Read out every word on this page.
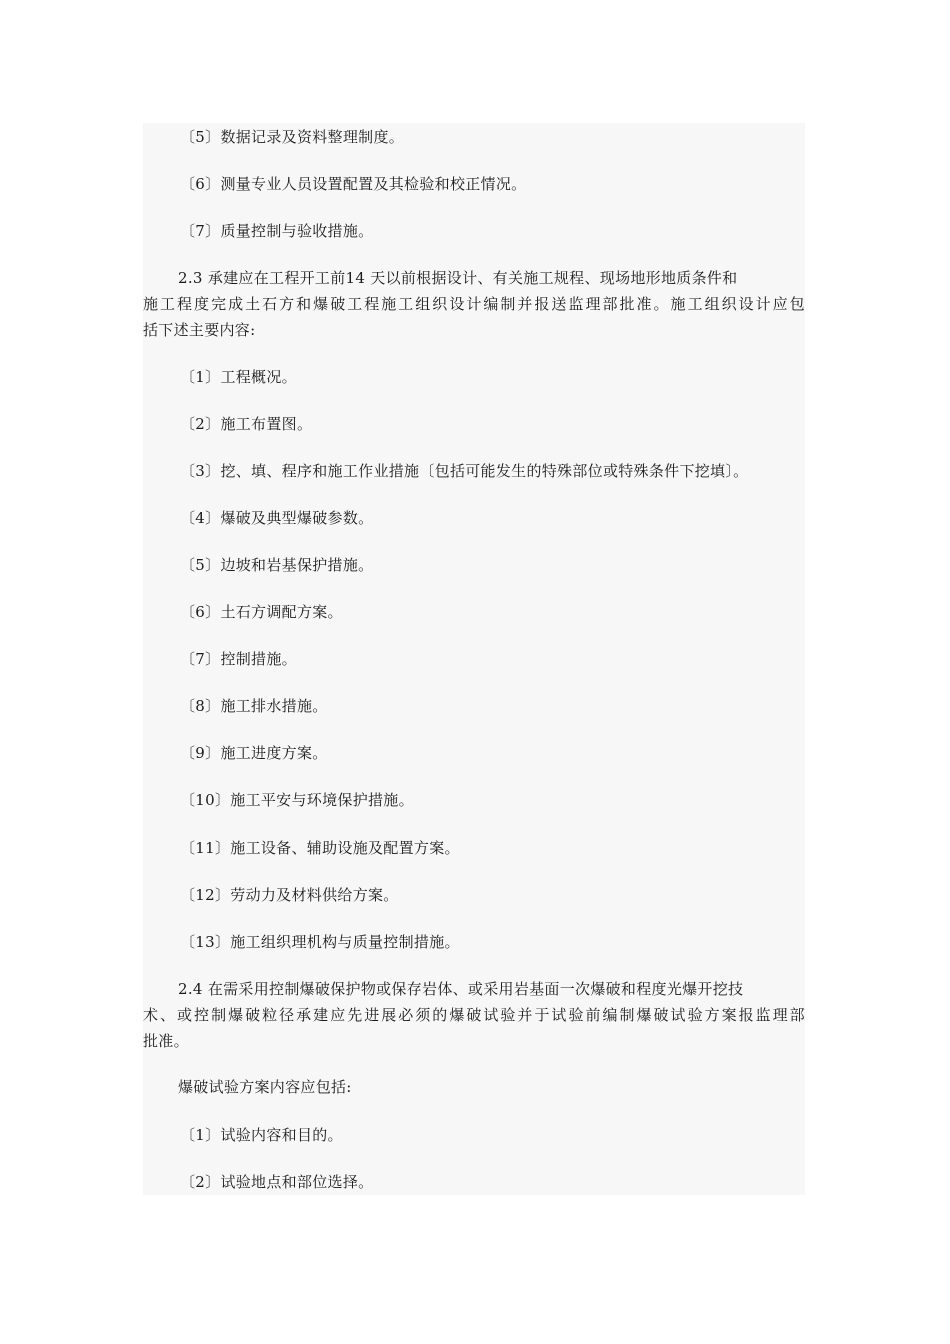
〔5〕数据记录及资料整理制度。
〔6〕测量专业人员设置配置及其检验和校正情况。
〔7〕质量控制与验收措施。
2.3 承建应在工程开工前14 天以前根据设计、有关施工规程、现场地形地质条件和
施工程度完成土石方和爆破工程施工组织设计编制并报送监理部批准。施工组织设计应包
括下述主要内容:
〔1〕工程概况。
〔2〕施工布置图。
〔3〕挖、填、程序和施工作业措施〔包括可能发生的特殊部位或特殊条件下挖填〕。
〔4〕爆破及典型爆破参数。
〔5〕边坡和岩基保护措施。
〔6〕土石方调配方案。
〔7〕控制措施。
〔8〕施工排水措施。
〔9〕施工进度方案。
〔10〕施工平安与环境保护措施。
〔11〕施工设备、辅助设施及配置方案。
〔12〕劳动力及材料供给方案。
〔13〕施工组织理机构与质量控制措施。
2.4 在需采用控制爆破保护物或保存岩体、或采用岩基面一次爆破和程度光爆开挖技
术、或控制爆破粒径承建应先进展必须的爆破试验并于试验前编制爆破试验方案报监理部
批准。
爆破试验方案内容应包括:
〔1〕试验内容和目的。
〔2〕试验地点和部位选择。
